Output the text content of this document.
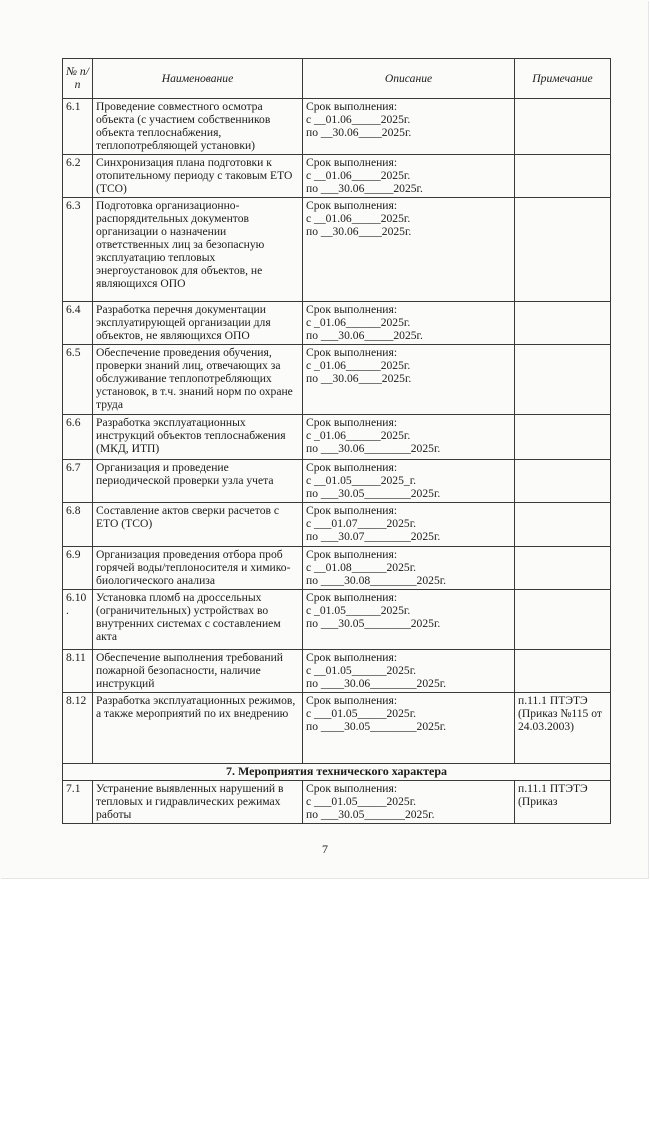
№ п/п	Наименование	Описание	Примечание
6.1	Проведение совместного осмотра объекта (с участием собственников объекта теплоснабжения, теплопотребляющей установки)	Срок выполнения:
с __01.06_____2025г.
по __30.06____2025г.	

6.2	Синхронизация плана подготовки к отопительному периоду с таковым ЕТО (ТСО)	Срок выполнения:
с __01.06_____2025г.
по ___30.06_____2025г.	

6.3	Подготовка организационно-распорядительных документов организации о назначении ответственных лиц за безопасную эксплуатацию тепловых энергоустановок для объектов, не являющихся ОПО	Срок выполнения:
с __01.06_____2025г.
по __30.06____2025г.	

6.4	Разработка перечня документации эксплуатирующей организации для объектов, не являющихся ОПО	Срок выполнения:
с _01.06______2025г.
по ___30.06_____2025г.	

6.5	Обеспечение проведения обучения, проверки знаний лиц, отвечающих за обслуживание теплопотребляющих установок, в т.ч. знаний норм по охране труда	Срок выполнения:
с _01.06______2025г.
по __30.06____2025г.	

6.6	Разработка эксплуатационных инструкций объектов теплоснабжения (МКД, ИТП)	Срок выполнения:
с _01.06______2025г.
по ___30.06________2025г.	

6.7	Организация и проведение периодической проверки узла учета	Срок выполнения:
с __01.05_____2025_г.
по ___30.05________2025г.	

6.8	Составление актов сверки расчетов с ЕТО (ТСО)	Срок выполнения:
с ___01.07_____2025г.
по ___30.07________2025г.	

6.9	Организация проведения отбора проб горячей воды/теплоносителя и химико-биологического анализа	Срок выполнения:
с __01.08______2025г.
по ____30.08________2025г.	

6.10 .	Установка пломб на дроссельных (ограничительных) устройствах во внутренних системах с составлением акта	Срок выполнения:
с _01.05______2025г.
по ___30.05________2025г.	

8.11	Обеспечение выполнения требований пожарной безопасности, наличие инструкций	Срок выполнения:
с __01.05______2025г.
по ____30.06________2025г.	

8.12	Разработка эксплуатационных режимов, а также мероприятий по их внедрению	Срок выполнения:
с ___01.05_____2025г.
по ____30.05________2025г.	п.11.1 ПТЭТЭ (Приказ №115 от 24.03.2003)
7. Мероприятия технического характера			
7.1	Устранение выявленных нарушений в тепловых и гидравлических режимах работы	Срок выполнения:
с ___01.05_____2025г.
по ___30.05_______2025г.	п.11.1 ПТЭТЭ (Приказ
7
